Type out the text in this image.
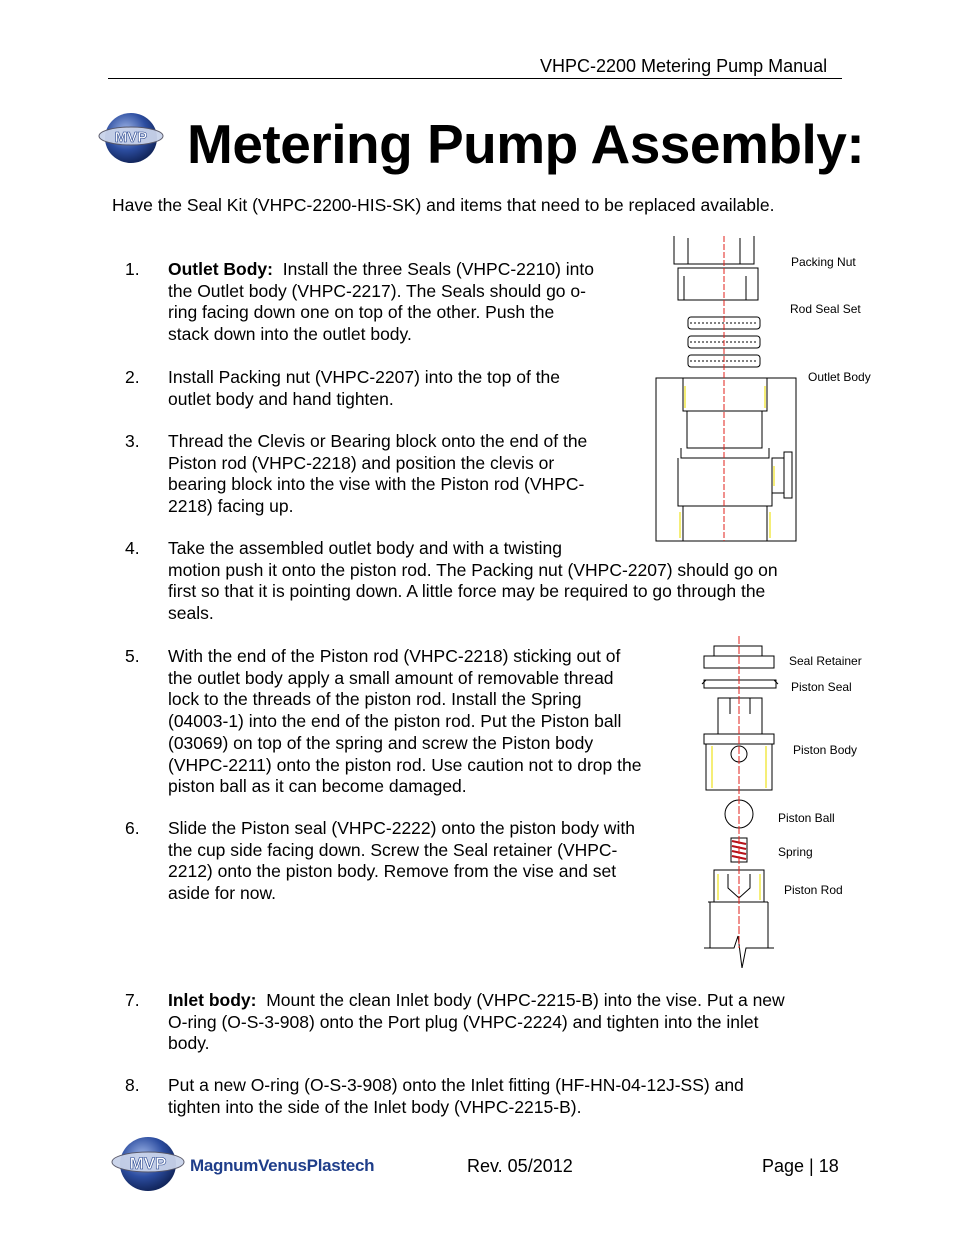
VHPC-2200 Metering Pump Manual
MVP Metering Pump Assembly:
Have the Seal Kit (VHPC-2200-HIS-SK) and items that need to be replaced available.
1. Outlet Body: Install the three Seals (VHPC-2210) into
the Outlet body (VHPC-2217). The Seals should go o-
ring facing down one on top of the other. Push the
stack down into the outlet body.
2. Install Packing nut (VHPC-2207) into the top of the
outlet body and hand tighten.
3. Thread the Clevis or Bearing block onto the end of the
Piston rod (VHPC-2218) and position the clevis or
bearing block into the vise with the Piston rod (VHPC-
2218) facing up.
4. Take the assembled outlet body and with a twisting
motion push it onto the piston rod. The Packing nut (VHPC-2207) should go on
first so that it is pointing down. A little force may be required to go through the
seals.
5. With the end of the Piston rod (VHPC-2218) sticking out of
the outlet body apply a small amount of removable thread
lock to the threads of the piston rod. Install the Spring
(04003-1) into the end of the piston rod. Put the Piston ball
(03069) on top of the spring and screw the Piston body
(VHPC-2211) onto the piston rod. Use caution not to drop the
piston ball as it can become damaged.
6. Slide the Piston seal (VHPC-2222) onto the piston body with
the cup side facing down. Screw the Seal retainer (VHPC-
2212) onto the piston body. Remove from the vise and set
aside for now.
7. Inlet body: Mount the clean Inlet body (VHPC-2215-B) into the vise. Put a new
O-ring (O-S-3-908) onto the Port plug (VHPC-2224) and tighten into the inlet
body.
8. Put a new O-ring (O-S-3-908) onto the Inlet fitting (HF-HN-04-12J-SS) and
tighten into the side of the Inlet body (VHPC-2215-B).
Packing Nut
Rod Seal Set
Outlet Body
Seal Retainer
Piston Seal
Piston Body
Piston Ball
Spring
Piston Rod
MVP MagnumVenusPlastech	Rev. 05/2012	Page | 18
